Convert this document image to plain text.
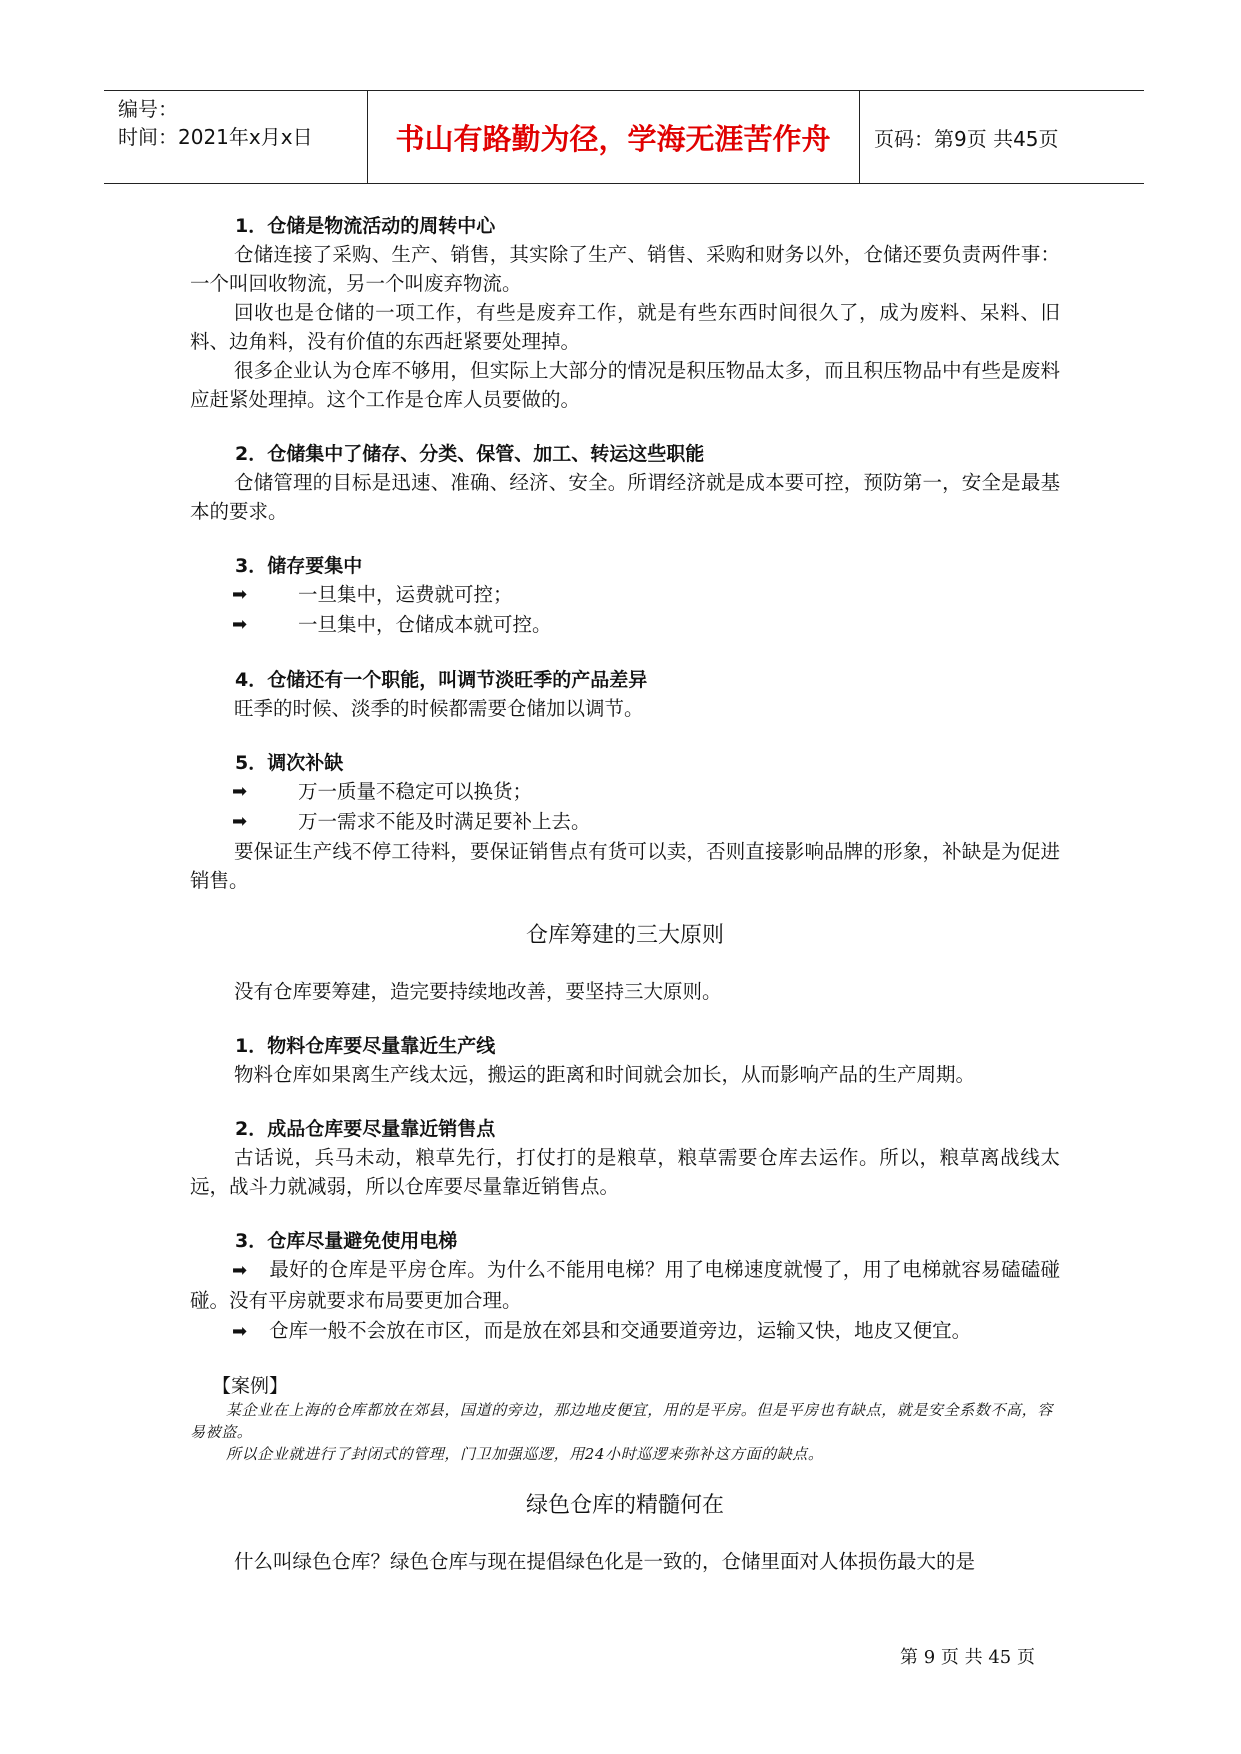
编号：
时间：2021年x月x日	书山有路勤为径，学海无涯苦作舟	页码：第9页 共45页

1．仓储是物流活动的周转中心

仓储连接了采购、生产、销售，其实除了生产、销售、采购和财务以外，仓储还要负责两件事：一个叫回收物流，另一个叫废弃物流。

回收也是仓储的一项工作，有些是废弃工作，就是有些东西时间很久了，成为废料、呆料、旧料、边角料，没有价值的东西赶紧要处理掉。

很多企业认为仓库不够用，但实际上大部分的情况是积压物品太多，而且积压物品中有些是废料应赶紧处理掉。这个工作是仓库人员要做的。

2．仓储集中了储存、分类、保管、加工、转运这些职能

仓储管理的目标是迅速、准确、经济、安全。所谓经济就是成本要可控，预防第一，安全是最基本的要求。

3．储存要集中

➡	一旦集中，运费就可控；
➡	一旦集中，仓储成本就可控。

4．仓储还有一个职能，叫调节淡旺季的产品差异

旺季的时候、淡季的时候都需要仓储加以调节。

5．调次补缺

➡	万一质量不稳定可以换货；
➡	万一需求不能及时满足要补上去。

要保证生产线不停工待料，要保证销售点有货可以卖，否则直接影响品牌的形象，补缺是为促进销售。

仓库筹建的三大原则

没有仓库要筹建，造完要持续地改善，要坚持三大原则。

1．物料仓库要尽量靠近生产线

物料仓库如果离生产线太远，搬运的距离和时间就会加长，从而影响产品的生产周期。

2．成品仓库要尽量靠近销售点

古话说，兵马未动，粮草先行，打仗打的是粮草，粮草需要仓库去运作。所以，粮草离战线太远，战斗力就减弱，所以仓库要尽量靠近销售点。

3．仓库尽量避免使用电梯

➡ 最好的仓库是平房仓库。为什么不能用电梯？用了电梯速度就慢了，用了电梯就容易磕磕碰碰。没有平房就要求布局要更加合理。
➡ 仓库一般不会放在市区，而是放在郊县和交通要道旁边，运输又快，地皮又便宜。

【案例】

某企业在上海的仓库都放在郊县，国道的旁边，那边地皮便宜，用的是平房。但是平房也有缺点，就是安全系数不高，容易被盗。

所以企业就进行了封闭式的管理，门卫加强巡逻，用24小时巡逻来弥补这方面的缺点。

绿色仓库的精髓何在

什么叫绿色仓库？绿色仓库与现在提倡绿色化是一致的，仓储里面对人体损伤最大的是

第 9 页 共 45 页
